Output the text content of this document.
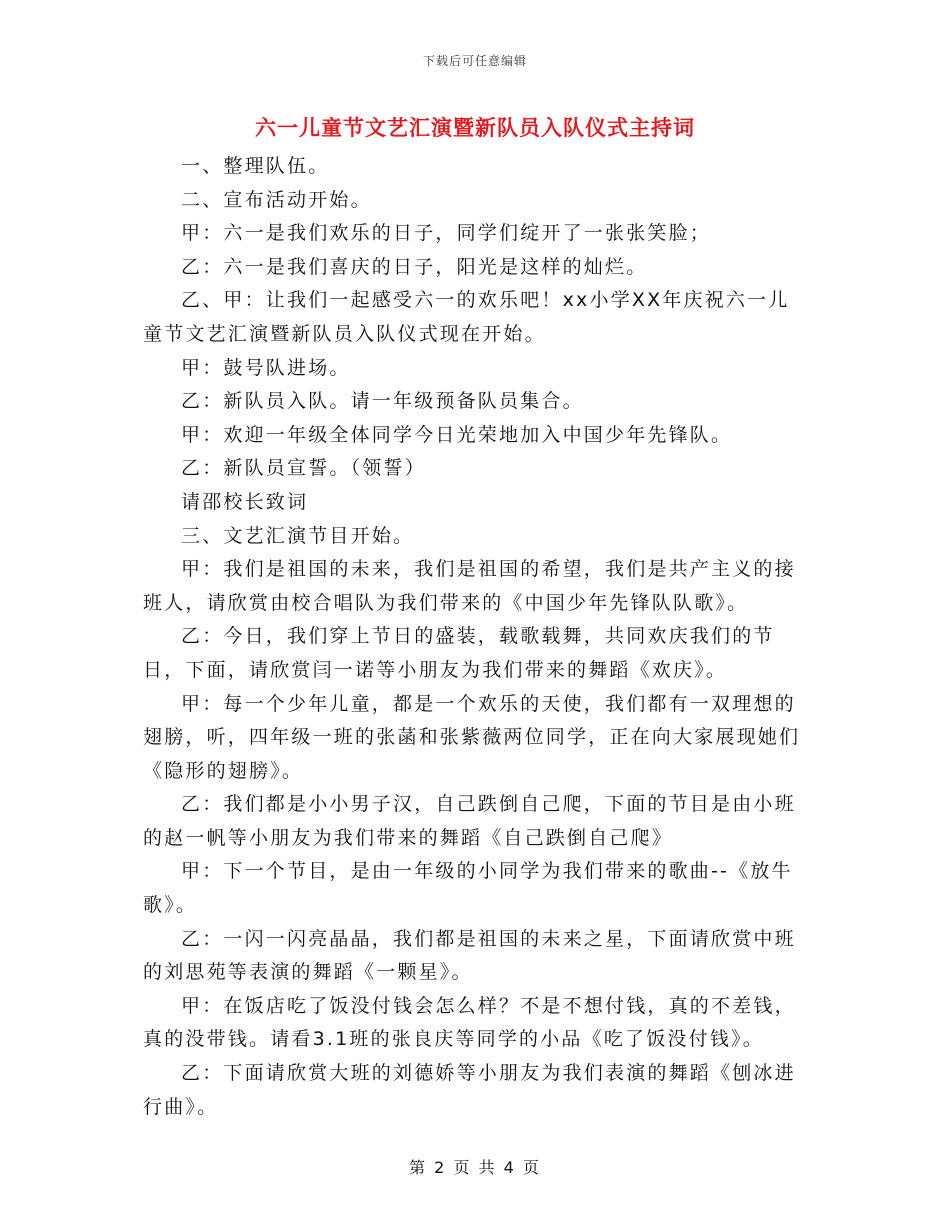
下载后可任意编辑
六一儿童节文艺汇演暨新队员入队仪式主持词

一、整理队伍。

二、宣布活动开始。

甲：六一是我们欢乐的日子，同学们绽开了一张张笑脸；

乙：六一是我们喜庆的日子，阳光是这样的灿烂。

乙、甲：让我们一起感受六一的欢乐吧！xx小学XX年庆祝六一儿童节文艺汇演暨新队员入队仪式现在开始。

甲：鼓号队进场。

乙：新队员入队。请一年级预备队员集合。

甲：欢迎一年级全体同学今日光荣地加入中国少年先锋队。

乙：新队员宣誓。（领誓）

请邵校长致词

三、文艺汇演节目开始。

甲：我们是祖国的未来，我们是祖国的希望，我们是共产主义的接班人，请欣赏由校合唱队为我们带来的《中国少年先锋队队歌》。

乙：今日，我们穿上节日的盛装，载歌载舞，共同欢庆我们的节日，下面，请欣赏闫一诺等小朋友为我们带来的舞蹈《欢庆》。

甲：每一个少年儿童，都是一个欢乐的天使，我们都有一双理想的翅膀，听，四年级一班的张菡和张紫薇两位同学，正在向大家展现她们《隐形的翅膀》。

乙：我们都是小小男子汉，自己跌倒自己爬，下面的节目是由小班的赵一帆等小朋友为我们带来的舞蹈《自己跌倒自己爬》

甲：下一个节目，是由一年级的小同学为我们带来的歌曲--《放牛歌》。

乙：一闪一闪亮晶晶，我们都是祖国的未来之星，下面请欣赏中班的刘思苑等表演的舞蹈《一颗星》。

甲：在饭店吃了饭没付钱会怎么样？不是不想付钱，真的不差钱，真的没带钱。请看3.1班的张良庆等同学的小品《吃了饭没付钱》。

乙：下面请欣赏大班的刘德娇等小朋友为我们表演的舞蹈《刨冰进行曲》。

第 2 页 共 4 页
